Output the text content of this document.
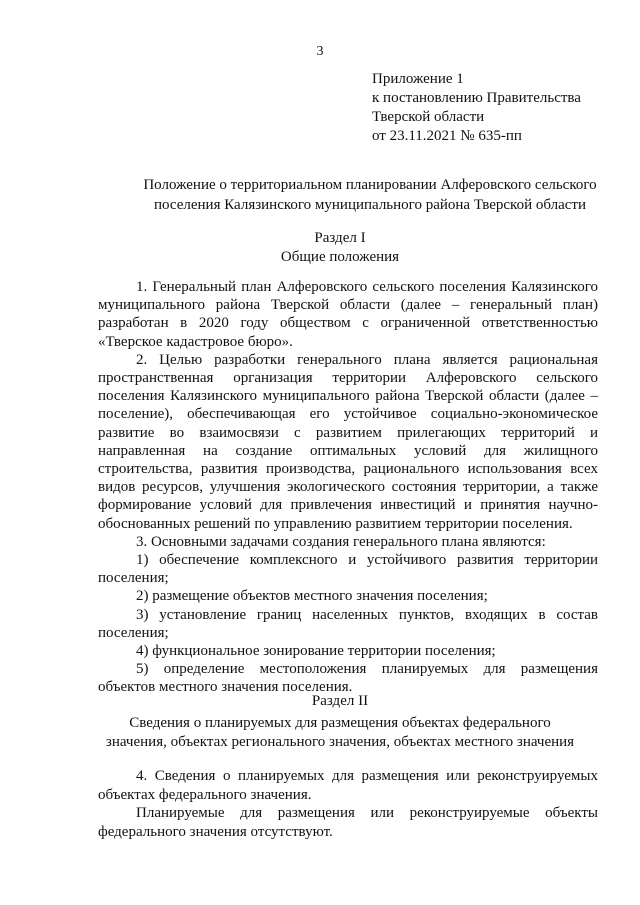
3
Приложение 1
к постановлению Правительства
Тверской области
от 23.11.2021 № 635-пп
Положение о территориальном планировании Алферовского сельского
поселения Калязинского муниципального района Тверской области
Раздел I
Общие положения

1. Генеральный план Алферовского сельского поселения Калязинского муниципального района Тверской области (далее – генеральный план) разработан в 2020 году обществом с ограниченной ответственностью «Тверское кадастровое бюро».

2. Целью разработки генерального плана является рациональная пространственная организация территории Алферовского сельского поселения Калязинского муниципального района Тверской области (далее – поселение), обеспечивающая его устойчивое социально-экономическое развитие во взаимосвязи с развитием прилегающих территорий и направленная на создание оптимальных условий для жилищного строительства, развития производства, рационального использования всех видов ресурсов, улучшения экологического состояния территории, а также формирование условий для привлечения инвестиций и принятия научно-обоснованных решений по управлению развитием территории поселения.

3. Основными задачами создания генерального плана являются:

1) обеспечение комплексного и устойчивого развития территории поселения;

2) размещение объектов местного значения поселения;

3) установление границ населенных пунктов, входящих в состав поселения;

4) функциональное зонирование территории поселения;

5) определение местоположения планируемых для размещения объектов местного значения поселения.

Раздел II
Сведения о планируемых для размещения объектах федерального
значения, объектах регионального значения, объектах местного значения

4. Сведения о планируемых для размещения или реконструируемых объектах федерального значения.

Планируемые для размещения или реконструируемые объекты федерального значения отсутствуют.
